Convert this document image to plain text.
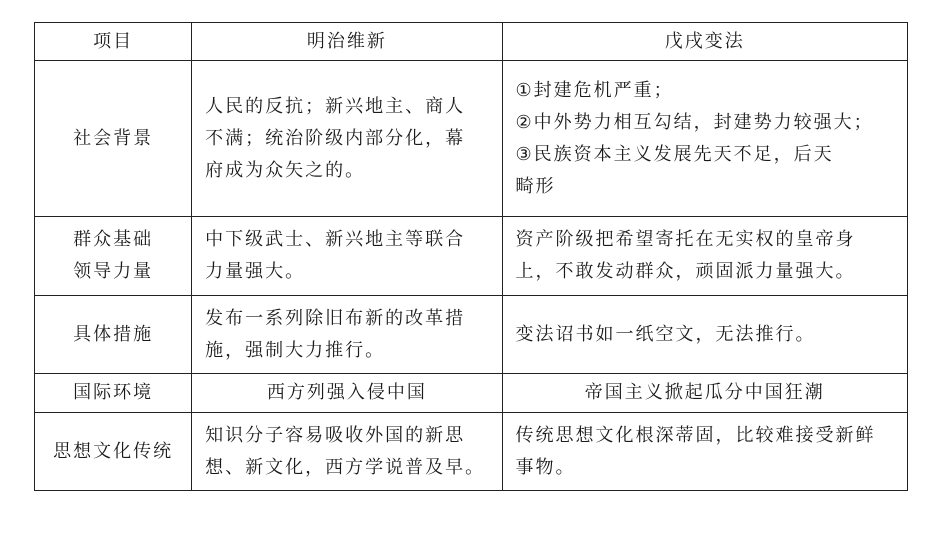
项目	明治维新	戊戌变法

社会背景	人民的反抗；新兴地主、商人
不满；统治阶级内部分化，幕
府成为众矢之的。	①封建危机严重；
②中外势力相互勾结，封建势力较强大；
③民族资本主义发展先天不足，后天
畸形

群众基础
领导力量	中下级武士、新兴地主等联合
力量强大。	资产阶级把希望寄托在无实权的皇帝身
上，不敢发动群众，顽固派力量强大。

具体措施	发布一系列除旧布新的改革措
施，强制大力推行。	变法诏书如一纸空文，无法推行。

国际环境	西方列强入侵中国	帝国主义掀起瓜分中国狂潮

思想文化传统	知识分子容易吸收外国的新思
想、新文化，西方学说普及早。	传统思想文化根深蒂固，比较难接受新鲜
事物。
